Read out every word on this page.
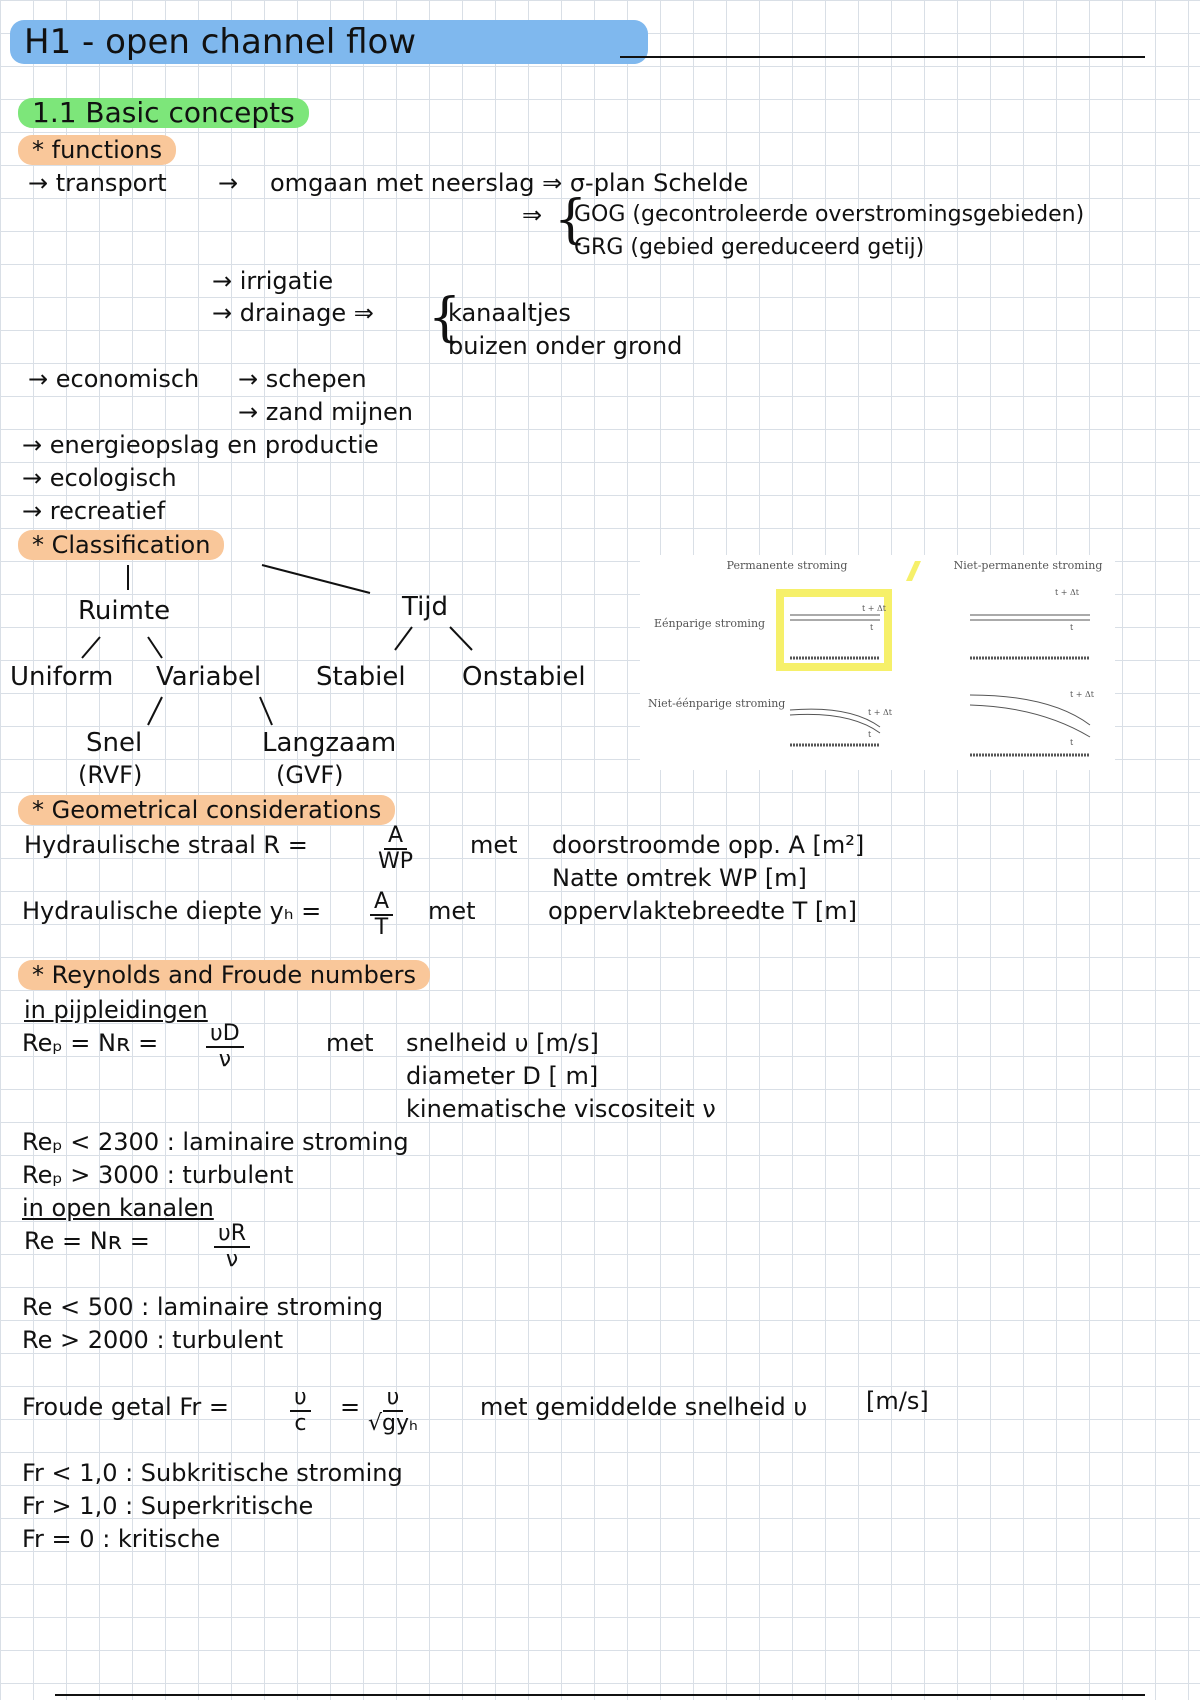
H1 - open channel flow
1.1 Basic concepts
* functions
→ transport → omgaan met neerslag ⇒ σ-plan Schelde
⇒ {
GOG (gecontroleerde overstromingsgebieden)
GRG (gebied gereduceerd getij)
→ irrigatie
→ drainage ⇒ {
kanaaltjes
buizen onder grond
→ economisch → schepen
→ zand mijnen
→ energieopslag en productie
→ ecologisch
→ recreatief
* Classification
Ruimte	Tijd
Uniform Variabel Stabiel Onstabiel
Snel
(RVF)
Langzaam
(GVF)
Permanente stroming	Niet-permanente stroming
Eénparige stroming
Niet-éénparige stroming
t + Δt
t
t + Δt
t
t + Δt
t
t + Δt
t
* Geometrical considerations
Hydraulische straal R =	$\frac{A}{WP}$ met doorstroomde opp. A [m²]
Natte omtrek WP [m]
Hydraulische diepte $y_h = \frac{A}{T}$ met	oppervlaktebreedte T [m]
* Reynolds and Froude numbers
in pijpleidingen
Reₚ = Nʀ = $\frac{\upsilon D}{\nu}$	met snelheid υ [m/s]
diameter D [ m]
kinematische viscositeit ν
Reₚ < 2300 : laminaire stroming
Reₚ > 3000 : turbulent
in open kanalen
Re = Nʀ =	$\frac{\upsilon R}{\nu}$
Re < 500 : laminaire stroming
Re > 2000 : turbulent
Froude getal Fr =	$\frac{\upsilon}{c} = \upsilon$
√gyₕ
met gemiddelde snelheid υ [m/s]
Fr < 1,0 : Subkritische stroming
Fr > 1,0 : Superkritische
Fr = 0 : kritische
